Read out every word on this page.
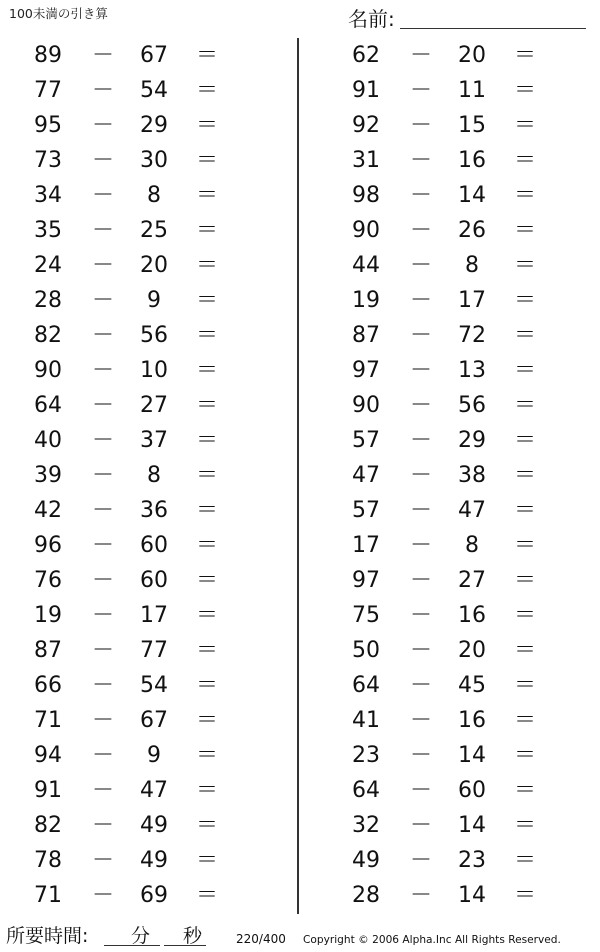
100未満の引き算	名前:
89	－	67	＝
77	－	54	＝
95	－	29	＝
73	－	30	＝
34	－	8	＝
35	－	25	＝
24	－	20	＝
28	－	9	＝
82	－	56	＝
90	－	10	＝
64	－	27	＝
40	－	37	＝
39	－	8	＝
42	－	36	＝
96	－	60	＝
76	－	60	＝
19	－	17	＝
87	－	77	＝
66	－	54	＝
71	－	67	＝
94	－	9	＝
91	－	47	＝
82	－	49	＝
78	－	49	＝
71	－	69	＝
62	－	20	＝
91	－	11	＝
92	－	15	＝
31	－	16	＝
98	－	14	＝
90	－	26	＝
44	－	8	＝
19	－	17	＝
87	－	72	＝
97	－	13	＝
90	－	56	＝
57	－	29	＝
47	－	38	＝
57	－	47	＝
17	－	8	＝
97	－	27	＝
75	－	16	＝
50	－	20	＝
64	－	45	＝
41	－	16	＝
23	－	14	＝
64	－	60	＝
32	－	14	＝
49	－	23	＝
28	－	14	＝
所要時間: 分 秒	220/400 Copyright © 2006 Alpha.Inc All Rights Reserved.
